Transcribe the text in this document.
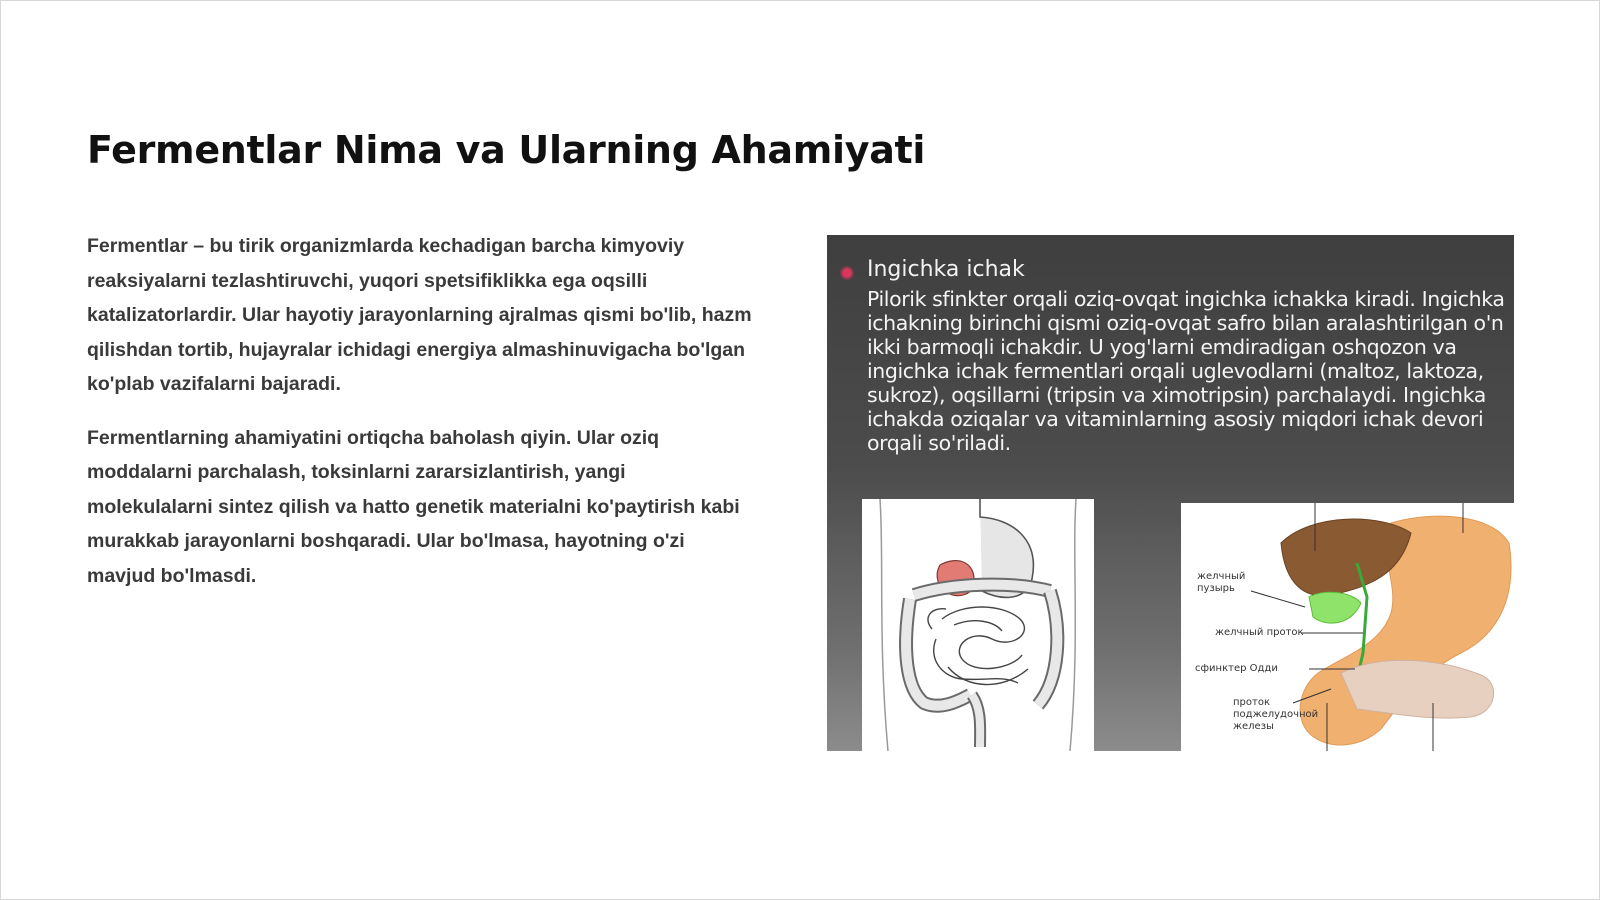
Fermentlar Nima va Ularning Ahamiyati

Fermentlar – bu tirik organizmlarda kechadigan barcha kimyoviy reaksiyalarni tezlashtiruvchi, yuqori spetsifiklikka ega oqsilli katalizatorlardir. Ular hayotiy jarayonlarning ajralmas qismi bo'lib, hazm qilishdan tortib, hujayralar ichidagi energiya almashinuvigacha bo'lgan ko'plab vazifalarni bajaradi.

Fermentlarning ahamiyatini ortiqcha baholash qiyin. Ular oziq moddalarni parchalash, toksinlarni zararsizlantirish, yangi molekulalarni sintez qilish va hatto genetik materialni ko'paytirish kabi murakkab jarayonlarni boshqaradi. Ular bo'lmasa, hayotning o'zi mavjud bo'lmasdi.

Ingichka ichak
Pilorik sfinkter orqali oziq-ovqat ingichka ichakka kiradi. Ingichka ichakning birinchi qismi oziq-ovqat safro bilan aralashtirilgan o'n ikki barmoqli ichakdir. U yog'larni emdiradigan oshqozon va ingichka ichak fermentlari orqali uglevodlarni (maltoz, laktoza, sukroz), oqsillarni (tripsin va ximotripsin) parchalaydi. Ingichka ichakda oziqalar va vitaminlarning asosiy miqdori ichak devori orqali so'riladi.
желчный
пузырь
желчный проток
сфинктер Одди
проток
поджелудочной
железы
